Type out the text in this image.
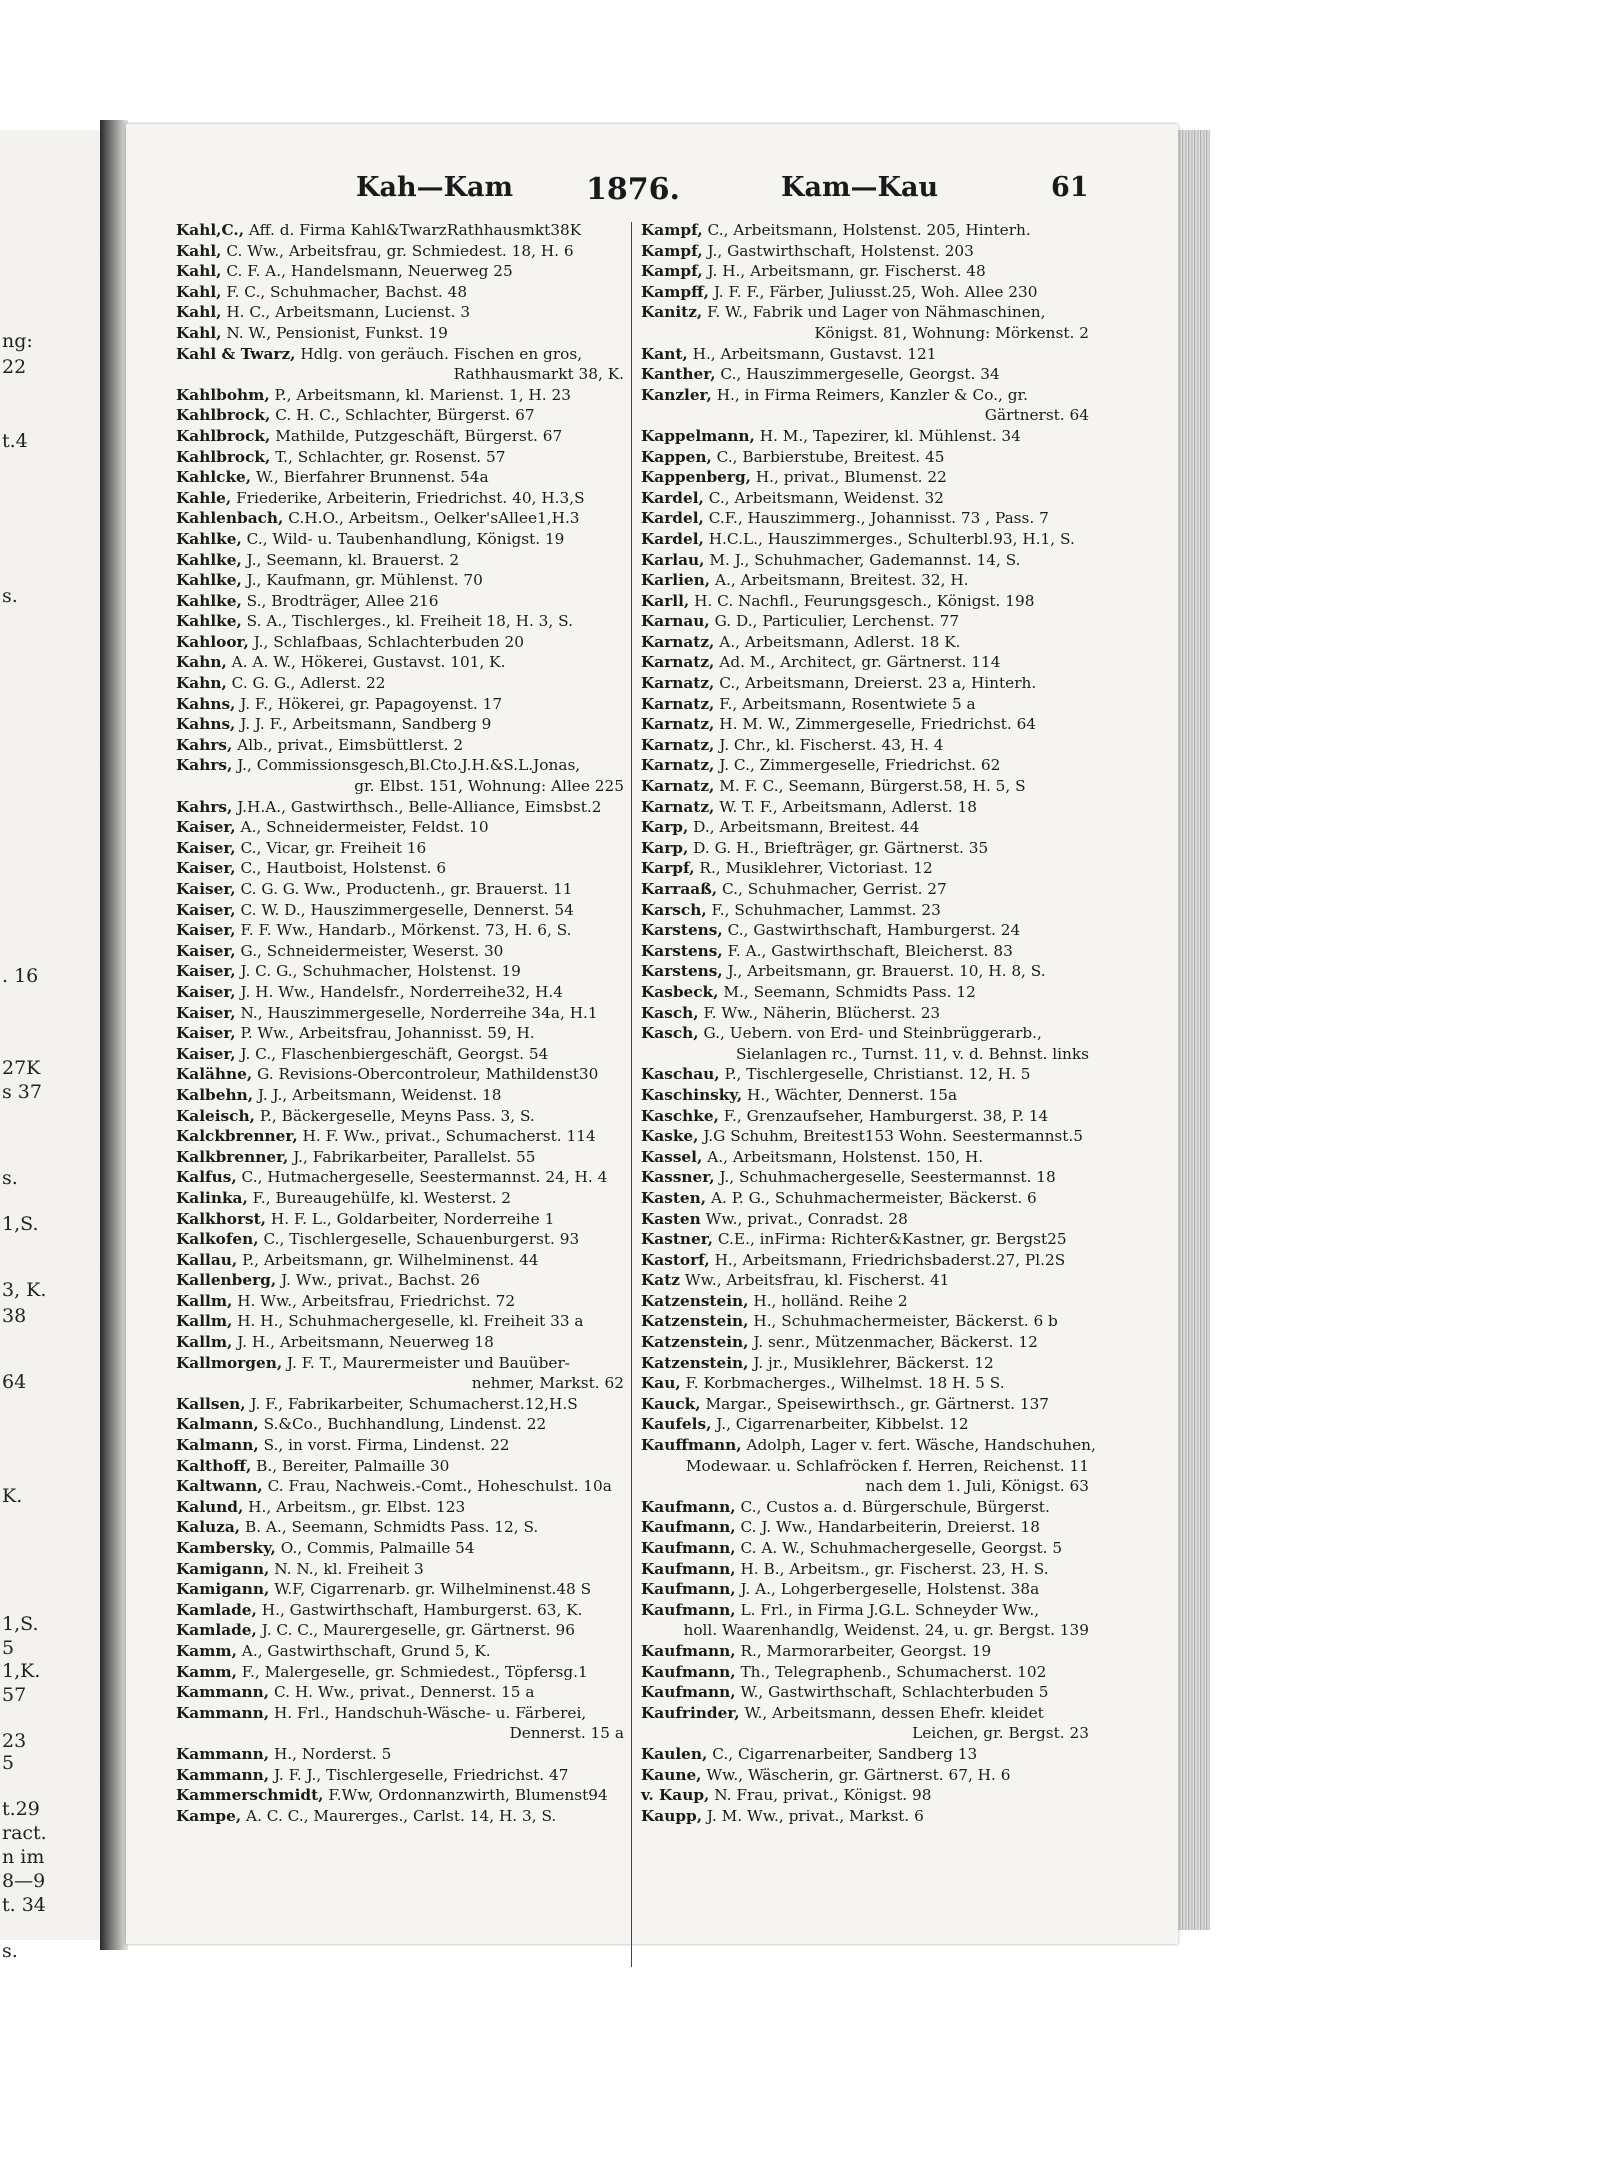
ng:
22
t.4
s.
. 16
27K
s 37
s.
1,S.
3, K.
38
64
K.
1,S.
5
1,K.
57
23
5
t.29
ract.
n im
8—9
t. 34
s.
Kah—Kam 1876.	Kam—Kau	61
Kahl,C., Aff. d. Firma Kahl&TwarzRathhausmkt38K
Kahl, C. Ww., Arbeitsfrau, gr. Schmiedest. 18, H. 6
Kahl, C. F. A., Handelsmann, Neuerweg 25
Kahl, F. C., Schuhmacher, Bachst. 48
Kahl, H. C., Arbeitsmann, Lucienst. 3
Kahl, N. W., Pensionist, Funkst. 19
Kahl & Twarz, Hdlg. von geräuch. Fischen en gros,
Rathhausmarkt 38, K.
Kahlbohm, P., Arbeitsmann, kl. Marienst. 1, H. 23
Kahlbrock, C. H. C., Schlachter, Bürgerst. 67
Kahlbrock, Mathilde, Putzgeschäft, Bürgerst. 67
Kahlbrock, T., Schlachter, gr. Rosenst. 57
Kahlcke, W., Bierfahrer Brunnenst. 54a
Kahle, Friederike, Arbeiterin, Friedrichst. 40, H.3,S
Kahlenbach, C.H.O., Arbeitsm., Oelker'sAllee1,H.3
Kahlke, C., Wild- u. Taubenhandlung, Königst. 19
Kahlke, J., Seemann, kl. Brauerst. 2
Kahlke, J., Kaufmann, gr. Mühlenst. 70
Kahlke, S., Brodträger, Allee 216
Kahlke, S. A., Tischlerges., kl. Freiheit 18, H. 3, S.
Kahloor, J., Schlafbaas, Schlachterbuden 20
Kahn, A. A. W., Hökerei, Gustavst. 101, K.
Kahn, C. G. G., Adlerst. 22
Kahns, J. F., Hökerei, gr. Papagoyenst. 17
Kahns, J. J. F., Arbeitsmann, Sandberg 9
Kahrs, Alb., privat., Eimsbüttlerst. 2
Kahrs, J., Commissionsgesch,Bl.Cto.J.H.&S.L.Jonas,
gr. Elbst. 151, Wohnung: Allee 225
Kahrs, J.H.A., Gastwirthsch., Belle-Alliance, Eimsbst.2
Kaiser, A., Schneidermeister, Feldst. 10
Kaiser, C., Vicar, gr. Freiheit 16
Kaiser, C., Hautboist, Holstenst. 6
Kaiser, C. G. G. Ww., Productenh., gr. Brauerst. 11
Kaiser, C. W. D., Hauszimmergeselle, Dennerst. 54
Kaiser, F. F. Ww., Handarb., Mörkenst. 73, H. 6, S.
Kaiser, G., Schneidermeister, Weserst. 30
Kaiser, J. C. G., Schuhmacher, Holstenst. 19
Kaiser, J. H. Ww., Handelsfr., Norderreihe32, H.4
Kaiser, N., Hauszimmergeselle, Norderreihe 34a, H.1
Kaiser, P. Ww., Arbeitsfrau, Johannisst. 59, H.
Kaiser, J. C., Flaschenbiergeschäft, Georgst. 54
Kalähne, G. Revisions-Obercontroleur, Mathildenst30
Kalbehn, J. J., Arbeitsmann, Weidenst. 18
Kaleisch, P., Bäckergeselle, Meyns Pass. 3, S.
Kalckbrenner, H. F. Ww., privat., Schumacherst. 114
Kalkbrenner, J., Fabrikarbeiter, Parallelst. 55
Kalfus, C., Hutmachergeselle, Seestermannst. 24, H. 4
Kalinka, F., Bureaugehülfe, kl. Westerst. 2
Kalkhorst, H. F. L., Goldarbeiter, Norderreihe 1
Kalkofen, C., Tischlergeselle, Schauenburgerst. 93
Kallau, P., Arbeitsmann, gr. Wilhelminenst. 44
Kallenberg, J. Ww., privat., Bachst. 26
Kallm, H. Ww., Arbeitsfrau, Friedrichst. 72
Kallm, H. H., Schuhmachergeselle, kl. Freiheit 33 a
Kallm, J. H., Arbeitsmann, Neuerweg 18
Kallmorgen, J. F. T., Maurermeister und Bauüber-
nehmer, Markst. 62
Kallsen, J. F., Fabrikarbeiter, Schumacherst.12,H.S
Kalmann, S.&Co., Buchhandlung, Lindenst. 22
Kalmann, S., in vorst. Firma, Lindenst. 22
Kalthoff, B., Bereiter, Palmaille 30
Kaltwann, C. Frau, Nachweis.-Comt., Hoheschulst. 10a
Kalund, H., Arbeitsm., gr. Elbst. 123
Kaluza, B. A., Seemann, Schmidts Pass. 12, S.
Kambersky, O., Commis, Palmaille 54
Kamigann, N. N., kl. Freiheit 3
Kamigann, W.F, Cigarrenarb. gr. Wilhelminenst.48 S
Kamlade, H., Gastwirthschaft, Hamburgerst. 63, K.
Kamlade, J. C. C., Maurergeselle, gr. Gärtnerst. 96
Kamm, A., Gastwirthschaft, Grund 5, K.
Kamm, F., Malergeselle, gr. Schmiedest., Töpfersg.1
Kammann, C. H. Ww., privat., Dennerst. 15 a
Kammann, H. Frl., Handschuh-Wäsche- u. Färberei,
Dennerst. 15 a
Kammann, H., Norderst. 5
Kammann, J. F. J., Tischlergeselle, Friedrichst. 47
Kammerschmidt, F.Ww, Ordonnanzwirth, Blumenst94
Kampe, A. C. C., Maurerges., Carlst. 14, H. 3, S.
Kampf, C., Arbeitsmann, Holstenst. 205, Hinterh.
Kampf, J., Gastwirthschaft, Holstenst. 203
Kampf, J. H., Arbeitsmann, gr. Fischerst. 48
Kampff, J. F. F., Färber, Juliusst.25, Woh. Allee 230
Kanitz, F. W., Fabrik und Lager von Nähmaschinen,
Königst. 81, Wohnung: Mörkenst. 2
Kant, H., Arbeitsmann, Gustavst. 121
Kanther, C., Hauszimmergeselle, Georgst. 34
Kanzler, H., in Firma Reimers, Kanzler & Co., gr.
Gärtnerst. 64
Kappelmann, H. M., Tapezirer, kl. Mühlenst. 34
Kappen, C., Barbierstube, Breitest. 45
Kappenberg, H., privat., Blumenst. 22
Kardel, C., Arbeitsmann, Weidenst. 32
Kardel, C.F., Hauszimmerg., Johannisst. 73 , Pass. 7
Kardel, H.C.L., Hauszimmerges., Schulterbl.93, H.1, S.
Karlau, M. J., Schuhmacher, Gademannst. 14, S.
Karlien, A., Arbeitsmann, Breitest. 32, H.
Karll, H. C. Nachfl., Feurungsgesch., Königst. 198
Karnau, G. D., Particulier, Lerchenst. 77
Karnatz, A., Arbeitsmann, Adlerst. 18 K.
Karnatz, Ad. M., Architect, gr. Gärtnerst. 114
Karnatz, C., Arbeitsmann, Dreierst. 23 a, Hinterh.
Karnatz, F., Arbeitsmann, Rosentwiete 5 a
Karnatz, H. M. W., Zimmergeselle, Friedrichst. 64
Karnatz, J. Chr., kl. Fischerst. 43, H. 4
Karnatz, J. C., Zimmergeselle, Friedrichst. 62
Karnatz, M. F. C., Seemann, Bürgerst.58, H. 5, S
Karnatz, W. T. F., Arbeitsmann, Adlerst. 18
Karp, D., Arbeitsmann, Breitest. 44
Karp, D. G. H., Briefträger, gr. Gärtnerst. 35
Karpf, R., Musiklehrer, Victoriast. 12
Karraaß, C., Schuhmacher, Gerrist. 27
Karsch, F., Schuhmacher, Lammst. 23
Karstens, C., Gastwirthschaft, Hamburgerst. 24
Karstens, F. A., Gastwirthschaft, Bleicherst. 83
Karstens, J., Arbeitsmann, gr. Brauerst. 10, H. 8, S.
Kasbeck, M., Seemann, Schmidts Pass. 12
Kasch, F. Ww., Näherin, Blücherst. 23
Kasch, G., Uebern. von Erd- und Steinbrüggerarb.,
Sielanlagen rc., Turnst. 11, v. d. Behnst. links
Kaschau, P., Tischlergeselle, Christianst. 12, H. 5
Kaschinsky, H., Wächter, Dennerst. 15a
Kaschke, F., Grenzaufseher, Hamburgerst. 38, P. 14
Kaske, J.G Schuhm, Breitest153 Wohn. Seestermannst.5
Kassel, A., Arbeitsmann, Holstenst. 150, H.
Kassner, J., Schuhmachergeselle, Seestermannst. 18
Kasten, A. P. G., Schuhmachermeister, Bäckerst. 6
Kasten Ww., privat., Conradst. 28
Kastner, C.E., inFirma: Richter&Kastner, gr. Bergst25
Kastorf, H., Arbeitsmann, Friedrichsbaderst.27, Pl.2S
Katz Ww., Arbeitsfrau, kl. Fischerst. 41
Katzenstein, H., holländ. Reihe 2
Katzenstein, H., Schuhmachermeister, Bäckerst. 6 b
Katzenstein, J. senr., Mützenmacher, Bäckerst. 12
Katzenstein, J. jr., Musiklehrer, Bäckerst. 12
Kau, F. Korbmacherges., Wilhelmst. 18 H. 5 S.
Kauck, Margar., Speisewirthsch., gr. Gärtnerst. 137
Kaufels, J., Cigarrenarbeiter, Kibbelst. 12
Kauffmann, Adolph, Lager v. fert. Wäsche, Handschuhen,
Modewaar. u. Schlafröcken f. Herren, Reichenst. 11
nach dem 1. Juli, Königst. 63
Kaufmann, C., Custos a. d. Bürgerschule, Bürgerst.
Kaufmann, C. J. Ww., Handarbeiterin, Dreierst. 18
Kaufmann, C. A. W., Schuhmachergeselle, Georgst. 5
Kaufmann, H. B., Arbeitsm., gr. Fischerst. 23, H. S.
Kaufmann, J. A., Lohgerbergeselle, Holstenst. 38a
Kaufmann, L. Frl., in Firma J.G.L. Schneyder Ww.,
holl. Waarenhandlg, Weidenst. 24, u. gr. Bergst. 139
Kaufmann, R., Marmorarbeiter, Georgst. 19
Kaufmann, Th., Telegraphenb., Schumacherst. 102
Kaufmann, W., Gastwirthschaft, Schlachterbuden 5
Kaufrinder, W., Arbeitsmann, dessen Ehefr. kleidet
Leichen, gr. Bergst. 23
Kaulen, C., Cigarrenarbeiter, Sandberg 13
Kaune, Ww., Wäscherin, gr. Gärtnerst. 67, H. 6
v. Kaup, N. Frau, privat., Königst. 98
Kaupp, J. M. Ww., privat., Markst. 6
